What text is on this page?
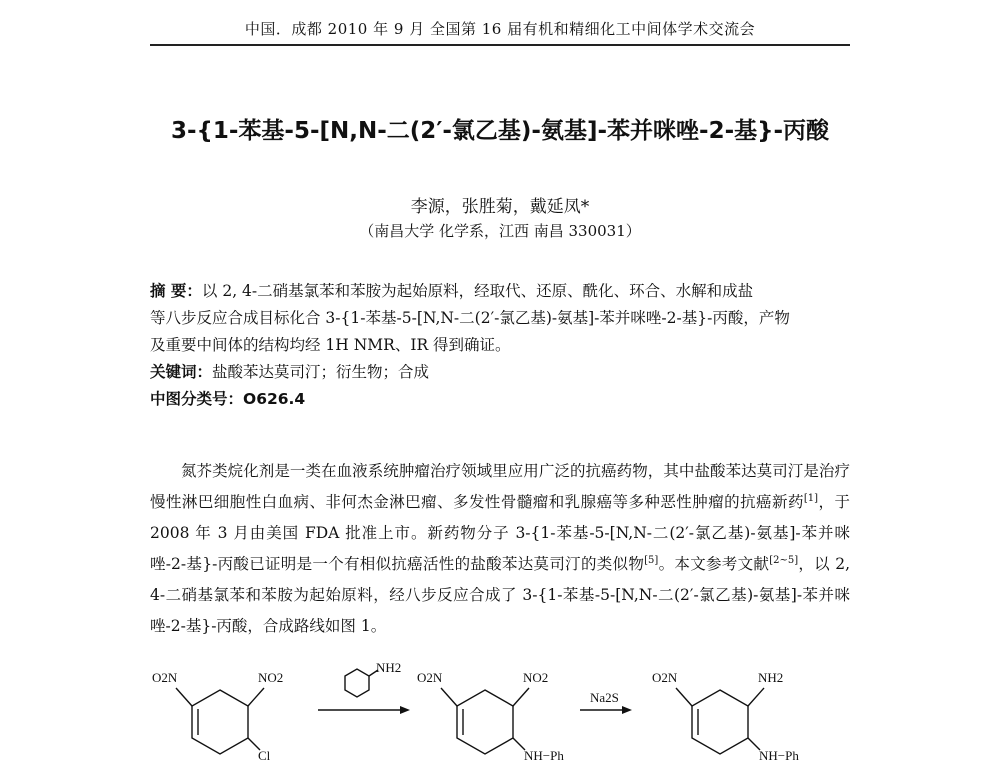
中国．成都 2010 年 9 月 全国第 16 届有机和精细化工中间体学术交流会
3-{1-苯基-5-[N,N-二(2′-氯乙基)-氨基]-苯并咪唑-2-基}-丙酸
李源，张胜菊，戴延凤*
（南昌大学 化学系，江西 南昌 330031）
摘 要：以 2, 4-二硝基氯苯和苯胺为起始原料，经取代、还原、酰化、环合、水解和成盐
等八步反应合成目标化合 3-{1-苯基-5-[N,N-二(2′-氯乙基)-氨基]-苯并咪唑-2-基}-丙酸，产物
及重要中间体的结构均经 1H NMR、IR 得到确证。
关键词：盐酸苯达莫司汀；衍生物；合成
中图分类号：O626.4
氮芥类烷化剂是一类在血液系统肿瘤治疗领域里应用广泛的抗癌药物，其中盐酸苯达莫司汀是治疗慢性淋巴细胞性白血病、非何杰金淋巴瘤、多发性骨髓瘤和乳腺癌等多种恶性肿瘤的抗癌新药[1]，于 2008 年 3 月由美国 FDA 批准上市。新药物分子 3-{1-苯基-5-[N,N-二(2′-氯乙基)-氨基]-苯并咪唑-2-基}-丙酸已证明是一个有相似抗癌活性的盐酸苯达莫司汀的类似物[5]。本文参考文献[2~5]，以 2, 4-二硝基氯苯和苯胺为起始原料，经八步反应合成了 3-{1-苯基-5-[N,N-二(2′-氯乙基)-氨基]-苯并咪唑-2-基}-丙酸，合成路线如图 1。
O2N	NO2
Cl
NH2
O2N	NO2
NH−Ph
Na2S
O2N	NH2
NH−Ph
